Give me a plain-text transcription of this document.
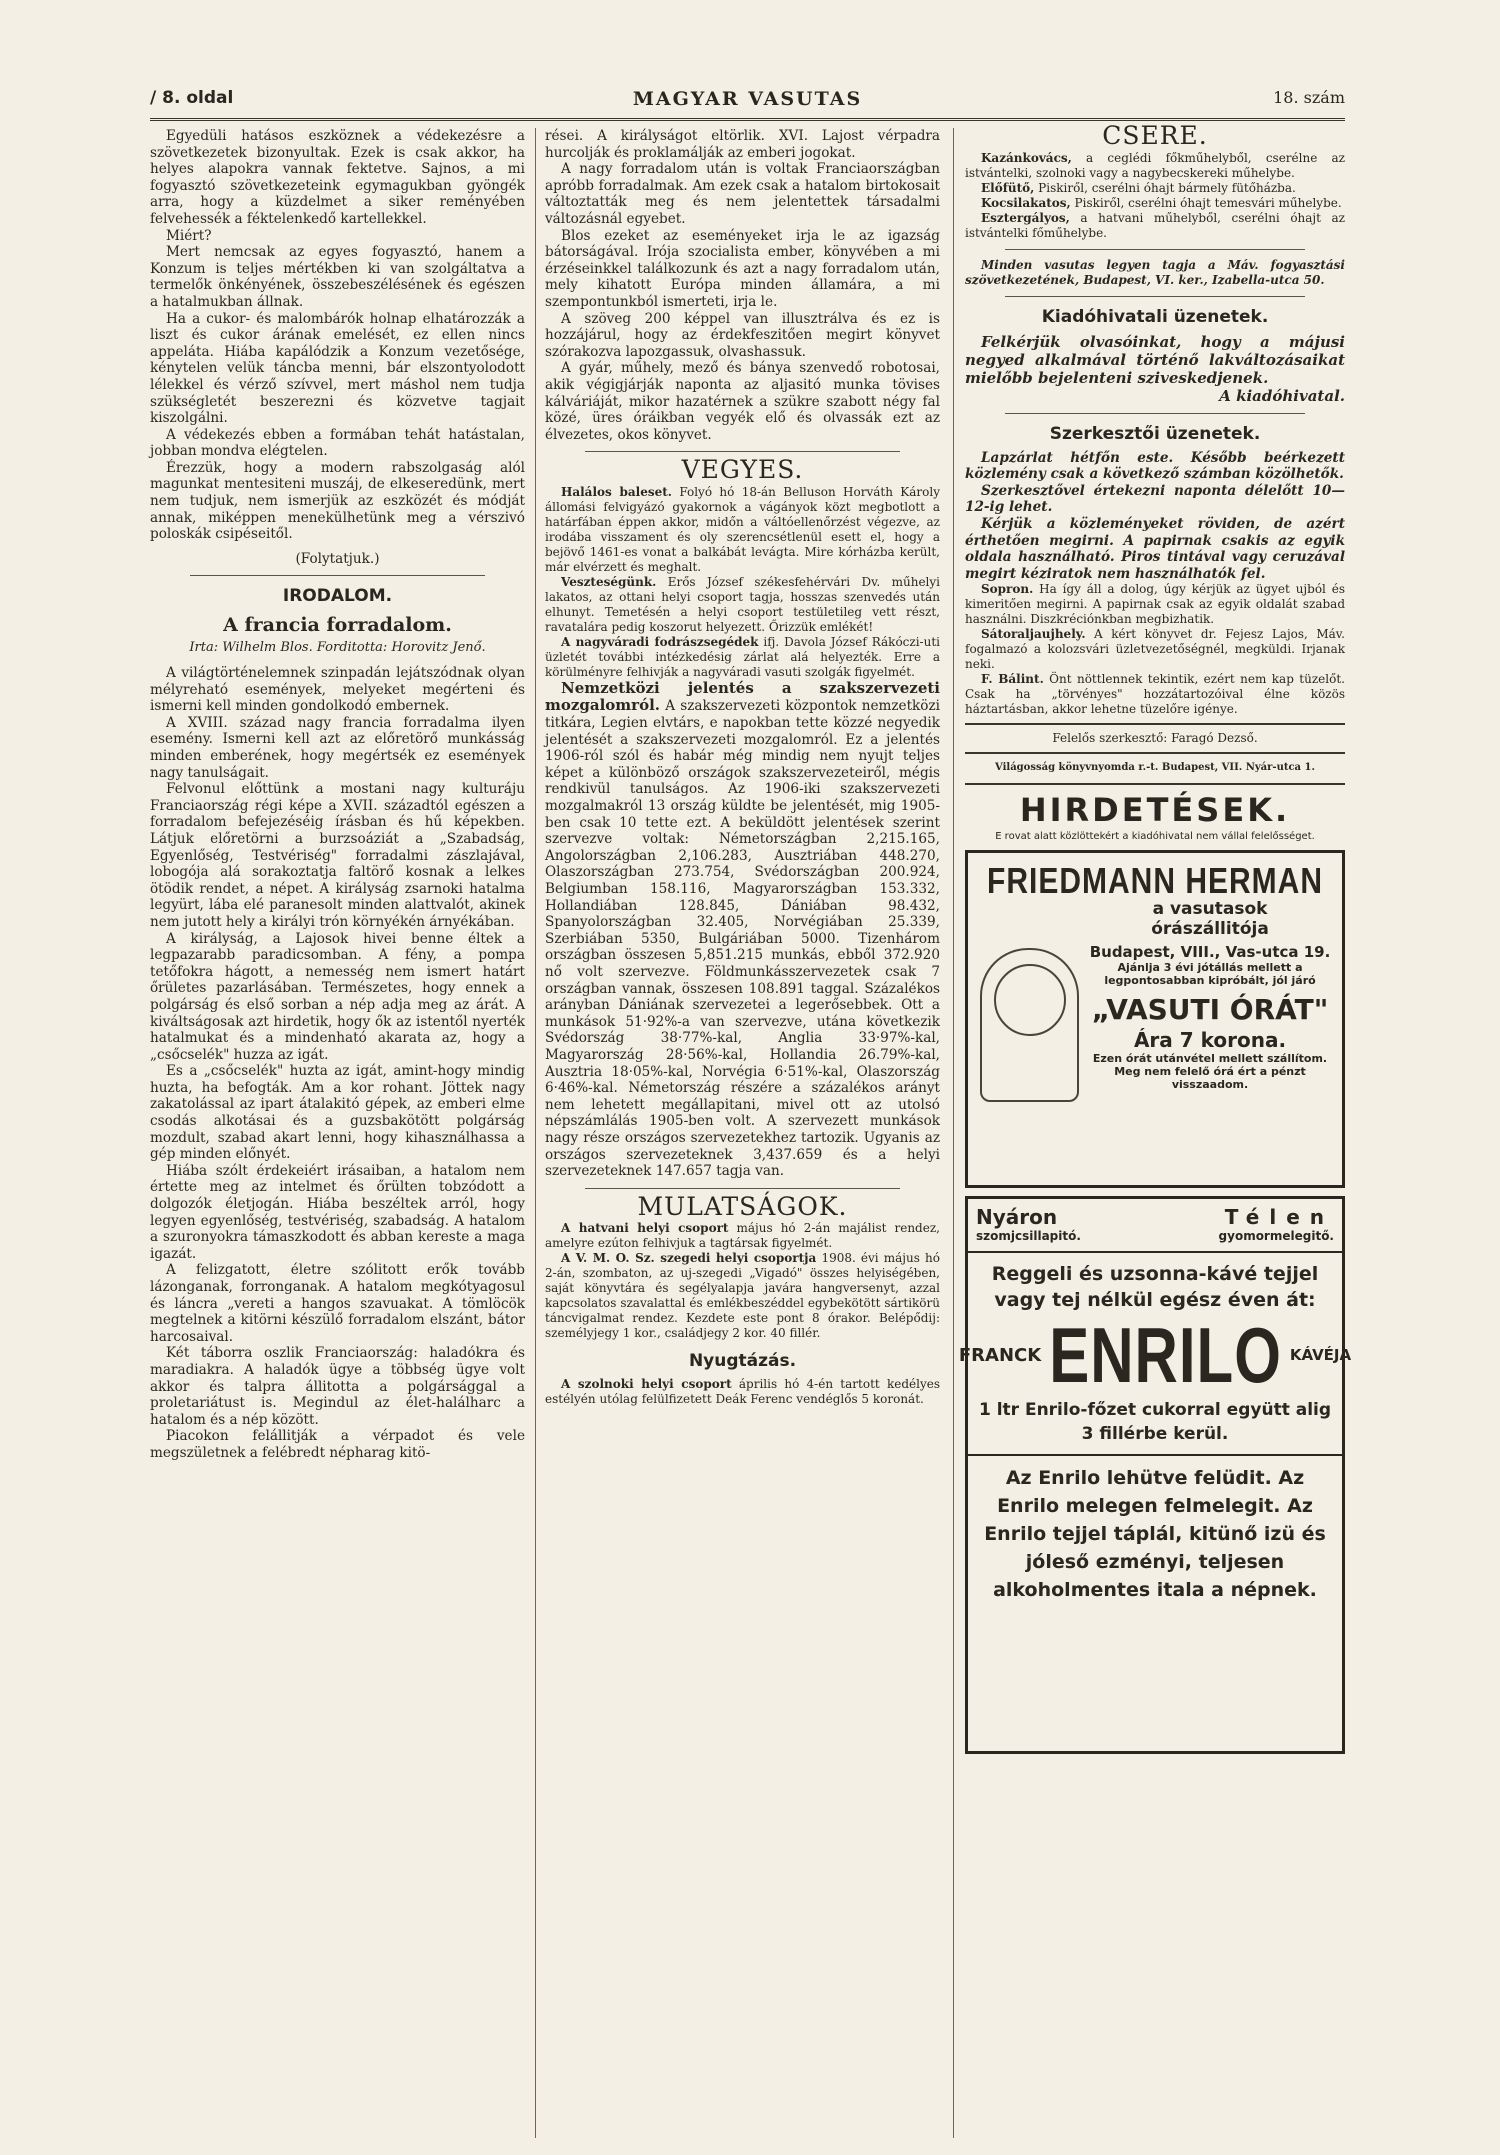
/ 8. oldal	MAGYAR VASUTAS	18. szám

Egyedüli hatásos eszköznek a védekezésre a szövetkezetek bizonyultak. Ezek is csak akkor, ha helyes alapokra vannak fektetve. Sajnos, a mi fogyasztó szövetkezeteink egymagukban gyöngék arra, hogy a küzdelmet a siker reményében felvehessék a féktelenkedő kartellekkel.

Miért?

Mert nemcsak az egyes fogyasztó, hanem a Konzum is teljes mértékben ki van szolgáltatva a termelők önkényének, összebeszélésének és egészen a hatalmukban állnak.

Ha a cukor- és malombárók holnap elhatározzák a liszt és cukor árának emelését, ez ellen nincs appeláta. Hiába kapálódzik a Konzum vezetősége, kénytelen velük táncba menni, bár elszontyolodott lélekkel és vérző szívvel, mert máshol nem tudja szükségletét beszerezni és közvetve tagjait kiszolgálni.

A védekezés ebben a formában tehát hatástalan, jobban mondva elégtelen.

Érezzük, hogy a modern rabszolgaság alól magunkat mentesiteni muszáj, de elkeseredünk, mert nem tudjuk, nem ismerjük az eszközét és módját annak, miképpen menekülhetünk meg a vérszivó poloskák csipéseitől.

(Folytatjuk.)

IRODALOM.
A francia forradalom.
Irta: Wilhelm Blos. Forditotta: Horovitz Jenő.

A világtörténelemnek szinpadán lejátszódnak olyan mélyreható események, melyeket megérteni és ismerni kell minden gondolkodó embernek.

A XVIII. század nagy francia forradalma ilyen esemény. Ismerni kell azt az előretörő munkásság minden emberének, hogy megértsék ez események nagy tanulságait.

Felvonul előttünk a mostani nagy kulturáju Franciaország régi képe a XVII. századtól egészen a forradalom befejezéséig írásban és hű képekben. Látjuk előretörni a burzsoáziát a „Szabadság, Egyenlőség, Testvériség" forradalmi zászlajával, lobogója alá sorakoztatja faltörő kosnak a lelkes ötödik rendet, a népet. A királyság zsarnoki hatalma legyürt, lába elé paranesolt minden alattvalót, akinek nem jutott hely a királyi trón környékén árnyékában.

A királyság, a Lajosok hivei benne éltek a legpazarabb paradicsomban. A fény, a pompa tetőfokra hágott, a nemesség nem ismert határt őrületes pazarlásában. Természetes, hogy ennek a polgárság és első sorban a nép adja meg az árát. A kiváltságosak azt hirdetik, hogy ők az istentől nyerték hatalmukat és a mindenható akarata az, hogy a „csőcselék" huzza az igát.

Es a „csőcselék" huzta az igát, amint-hogy mindig huzta, ha befogták. Am a kor rohant. Jöttek nagy zakatolással az ipart átalakitó gépek, az emberi elme csodás alkotásai és a guzsbakötött polgárság mozdult, szabad akart lenni, hogy kihasználhassa a gép minden előnyét.

Hiába szólt érdekeiért irásaiban, a hatalom nem értette meg az intelmet és őrülten tobzódott a dolgozók életjogán. Hiába beszéltek arról, hogy legyen egyenlőség, testvériség, szabadság. A hatalom a szuronyokra támaszkodott és abban kereste a maga igazát.

A felizgatott, életre szólitott erők tovább lázonganak, forronganak. A hatalom megkótyagosul és láncra „vereti a hangos szavuakat. A tömlöcök megtelnek a kitörni készülő forradalom elszánt, bátor harcosaival.

Két táborra oszlik Franciaország: haladókra és maradiakra. A haladók ügye a többség ügye volt akkor és talpra állitotta a polgársággal a proletariátust is. Megindul az élet-halálharc a hatalom és a nép között.

Piacokon felállitják a vérpadot és vele megszületnek a felébredt népharag kitö-

rései. A királyságot eltörlik. XVI. Lajost vérpadra hurcolják és proklamálják az emberi jogokat.

A nagy forradalom után is voltak Franciaországban apróbb forradalmak. Am ezek csak a hatalom birtokosait változtatták meg és nem jelentettek társadalmi változásnál egyebet.

Blos ezeket az eseményeket irja le az igazság bátorságával. Irója szocialista ember, könyvében a mi érzéseinkkel találkozunk és azt a nagy forradalom után, mely kihatott Európa minden államára, a mi szempontunkból ismerteti, irja le.

A szöveg 200 képpel van illusztrálva és ez is hozzájárul, hogy az érdekfeszitően megirt könyvet szórakozva lapozgassuk, olvashassuk.

A gyár, műhely, mező és bánya szenvedő robotosai, akik végigjárják naponta az aljasitó munka tövises kálváriáját, mikor hazatérnek a szükre szabott négy fal közé, üres óráikban vegyék elő és olvassák ezt az élvezetes, okos könyvet.

VEGYES.

Halálos baleset. Folyó hó 18-án Belluson Horváth Károly állomási felvigyázó gyakornok a vágányok közt megbotlott a határfában éppen akkor, midőn a váltóellenőrzést végezve, az irodába visszament és oly szerencsétlenül esett el, hogy a bejövő 1461-es vonat a balkábát levágta. Mire kórházba került, már elvérzett és meghalt.

Veszteségünk. Erős József székesfehérvári Dv. műhelyi lakatos, az ottani helyi csoport tagja, hosszas szenvedés után elhunyt. Temetésén a helyi csoport testületileg vett részt, ravatalára pedig koszorut helyezett. Őrizzük emlékét!

A nagyváradi fodrászsegédek ifj. Davola József Rákóczi-uti üzletét további intézkedésig zárlat alá helyezték. Erre a körülményre felhivják a nagyváradi vasuti szolgák figyelmét.

Nemzetközi jelentés a szakszervezeti mozgalomról. A szakszervezeti központok nemzetközi titkára, Legien elvtárs, e napokban tette közzé negyedik jelentését a szakszervezeti mozgalomról. Ez a jelentés 1906-ról szól és habár még mindig nem nyujt teljes képet a különböző országok szakszervezeteiről, mégis rendkivül tanulságos. Az 1906-iki szakszervezeti mozgalmakról 13 ország küldte be jelentését, mig 1905-ben csak 10 tette ezt. A beküldött jelentések szerint szervezve voltak: Németországban 2,215.165, Angolországban 2,106.283, Ausztriában 448.270, Olaszországban 273.754, Svédországban 200.924, Belgiumban 158.116, Magyarországban 153.332, Hollandiában 128.845, Dániában 98.432, Spanyolországban 32.405, Norvégiában 25.339, Szerbiában 5350, Bulgáriában 5000. Tizenhárom országban összesen 5,851.215 munkás, ebből 372.920 nő volt szervezve. Földmunkásszervezetek csak 7 országban vannak, összesen 108.891 taggal. Százalékos arányban Dániának szervezetei a legerősebbek. Ott a munkások 51·92%-a van szervezve, utána következik Svédország 38·77%-kal, Anglia 33·97%-kal, Magyarország 28·56%-kal, Hollandia 26.79%-kal, Ausztria 18·05%-kal, Norvégia 6·51%-kal, Olaszország 6·46%-kal. Németország részére a százalékos arányt nem lehetett megállapitani, mivel ott az utolsó népszámlálás 1905-ben volt. A szervezett munkások nagy része országos szervezetekhez tartozik. Ugyanis az országos szervezeteknek 3,437.659 és a helyi szervezeteknek 147.657 tagja van.

MULATSÁGOK.

A hatvani helyi csoport május hó 2-án majálist rendez, amelyre ezúton felhivjuk a tagtársak figyelmét.

A V. M. O. Sz. szegedi helyi csoportja 1908. évi május hó 2-án, szombaton, az uj-szegedi „Vigadó" összes helyiségében, saját könyvtára és segélyalapja javára hangversenyt, azzal kapcsolatos szavalattal és emlékbeszéddel egybekötött sártikörü táncvigalmat rendez. Kezdete este pont 8 órakor. Belépődij: személyjegy 1 kor., családjegy 2 kor. 40 fillér.

Nyugtázás.

A szolnoki helyi csoport április hó 4-én tartott kedélyes estélyén utólag felülfizetett Deák Ferenc vendéglős 5 koronát.

CSERE.

Kazánkovács, a ceglédi főkműhelyből, cserélne az istvántelki, szolnoki vagy a nagybecskereki műhelybe.

Előfütő, Piskiről, cserélni óhajt bármely fütőházba.

Kocsilakatos, Piskiről, cserélni óhajt temesvári műhelybe.

Esztergályos, a hatvani műhelyből, cserélni óhajt az istvántelki főműhelybe.

Minden vasutas legyen tagja a Máv. fogyasztási szövetkezetének, Budapest, VI. ker., Izabella-utca 50.

Kiadóhivatali üzenetek.

Felkérjük olvasóinkat, hogy a májusi negyed alkalmával történő lakváltozásaikat mielőbb bejelenteni sziveskedjenek.

A kiadóhivatal.

Szerkesztői üzenetek.

Lapzárlat hétfőn este. Később beérkezett közlemény csak a következő számban közölhetők.

Szerkesztővel értekezni naponta délelőtt 10—12-ig lehet.

Kérjük a közleményeket röviden, de azért érthetően megirni. A papirnak csakis az egyik oldala használható. Piros tintával vagy ceruzával megirt kéziratok nem használhatók fel.

Sopron. Ha így áll a dolog, úgy kérjük az ügyet ujból és kimeritően megirni. A papirnak csak az egyik oldalát szabad használni. Diszkréciónkban megbizhatik.

Sátoraljaujhely. A kért könyvet dr. Fejesz Lajos, Máv. fogalmazó a kolozsvári üzletvezetőségnél, megküldi. Irjanak neki.

F. Bálint. Önt nöttlennek tekintik, ezért nem kap tüzelőt. Csak ha „törvényes" hozzátartozóival élne közös háztartásban, akkor lehetne tüzelőre igénye.

Felelős szerkesztő: Faragó Dezső.

Világosság könyvnyomda r.-t. Budapest, VII. Nyár-utca 1.

HIRDETÉSEK.
E rovat alatt közlöttekért a kiadóhivatal nem vállal felelősséget.
FRIEDMANN HERMAN
a vasutasok
órászállitója
Budapest, VIII., Vas-utca 19.
Ajánlja 3 évi jótállás mellett a legpontosabban kipróbált, jól járó
„VASUTI ÓRÁT"
Ára 7 korona.
Ezen órát utánvétel mellett szállítom. Meg nem felelő órá ért a pénzt visszaadom.
Nyáron	Télen
szomjcsillapitó.	gyomormelegitő.
Reggeli és uzsonna-kávé tejjel vagy tej nélkül egész éven át:
FRANCK ENRILO KÁVÉJA
1 ltr Enrilo-főzet cukorral együtt alig 3 fillérbe kerül.
Az Enrilo lehütve felüdit. Az Enrilo melegen felmelegit. Az Enrilo tejjel táplál, kitünő izü és jóleső ezményi, teljesen alkoholmentes itala a népnek.
